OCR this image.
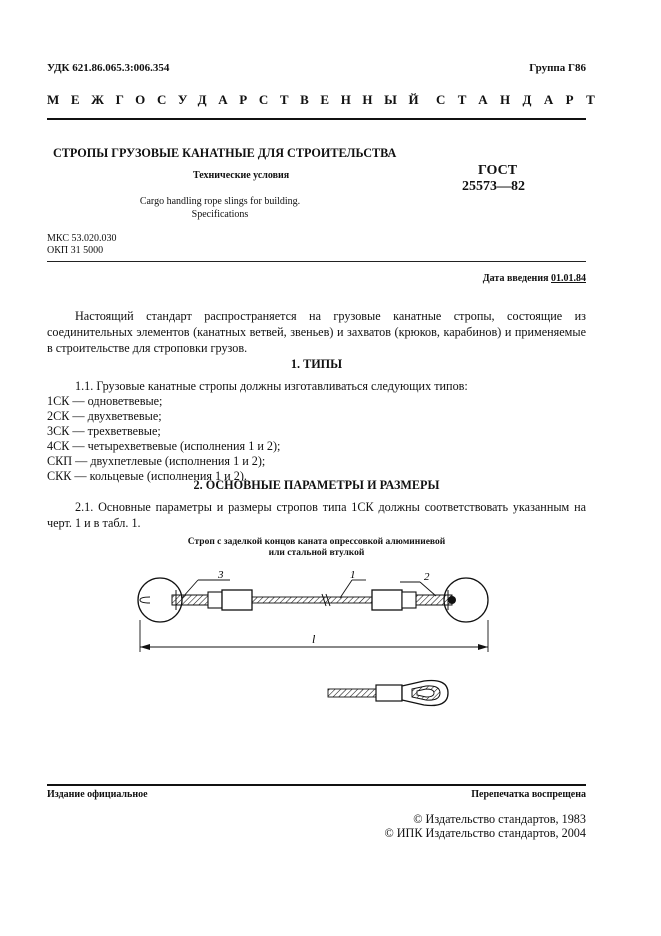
УДК 621.86.065.3:006.354	Группа Г86
МЕЖГОСУДАРСТВЕННЫЙ СТАНДАРТ
СТРОПЫ ГРУЗОВЫЕ КАНАТНЫЕ ДЛЯ СТРОИТЕЛЬСТВА
Технические условия
Cargo handling rope slings for building.
Specifications
ГОСТ
25573—82
МКС 53.020.030
ОКП 31 5000
Дата введения 01.01.84
Настоящий стандарт распространяется на грузовые канатные стропы, состоящие из соединительных элементов (канатных ветвей, звеньев) и захватов (крюков, карабинов) и применяемые в строительстве для строповки грузов.
1. ТИПЫ
1.1. Грузовые канатные стропы должны изготавливаться следующих типов:
1СК — одноветвевые;
2СК — двухветвевые;
3СК — трехветвевые;
4СК — четырехветвевые (исполнения 1 и 2);
СКП — двухпетлевые (исполнения 1 и 2);
СКК — кольцевые (исполнения 1 и 2).
2. ОСНОВНЫЕ ПАРАМЕТРЫ И РАЗМЕРЫ
2.1. Основные параметры и размеры стропов типа 1СК должны соответствовать указанным на черт. 1 и в табл. 1.
Строп с заделкой концов каната опрессовкой алюминиевой
или стальной втулкой
3	1	2
l
Издание официальное	Перепечатка воспрещена
© Издательство стандартов, 1983
© ИПК Издательство стандартов, 2004
